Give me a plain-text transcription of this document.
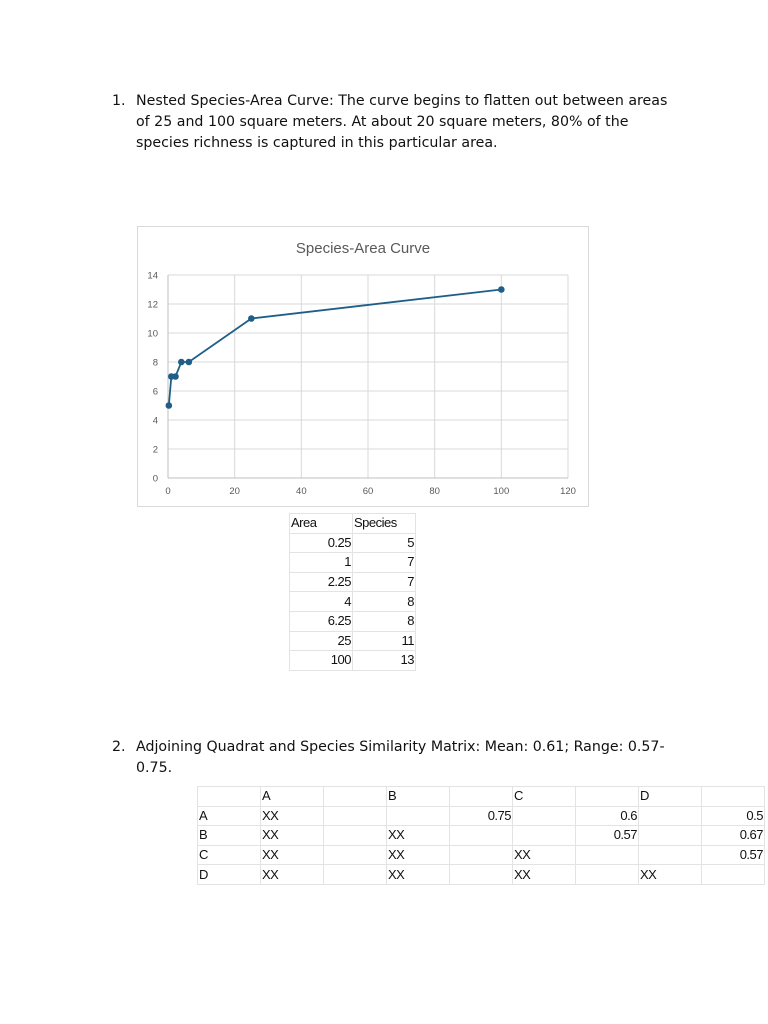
1. Nested Species-Area Curve: The curve begins to flatten out between areas of 25 and 100 square meters. At about 20 square meters, 80% of the species richness is captured in this particular area.
Species-Area Curve
0
2
4
6
8
10
12
14
0	20	40	60	80	100	120
Area	Species
0.25	5
1	7
2.25	7
4	8
6.25	8
25	11
100	13
2. Adjoining Quadrat and Species Similarity Matrix: Mean: 0.61; Range: 0.57-0.75.
	A		B		C		D	
A	XX			0.75		0.6		0.5
B	XX		XX			0.57		0.67
C	XX		XX		XX			0.57
D	XX		XX		XX		XX	
